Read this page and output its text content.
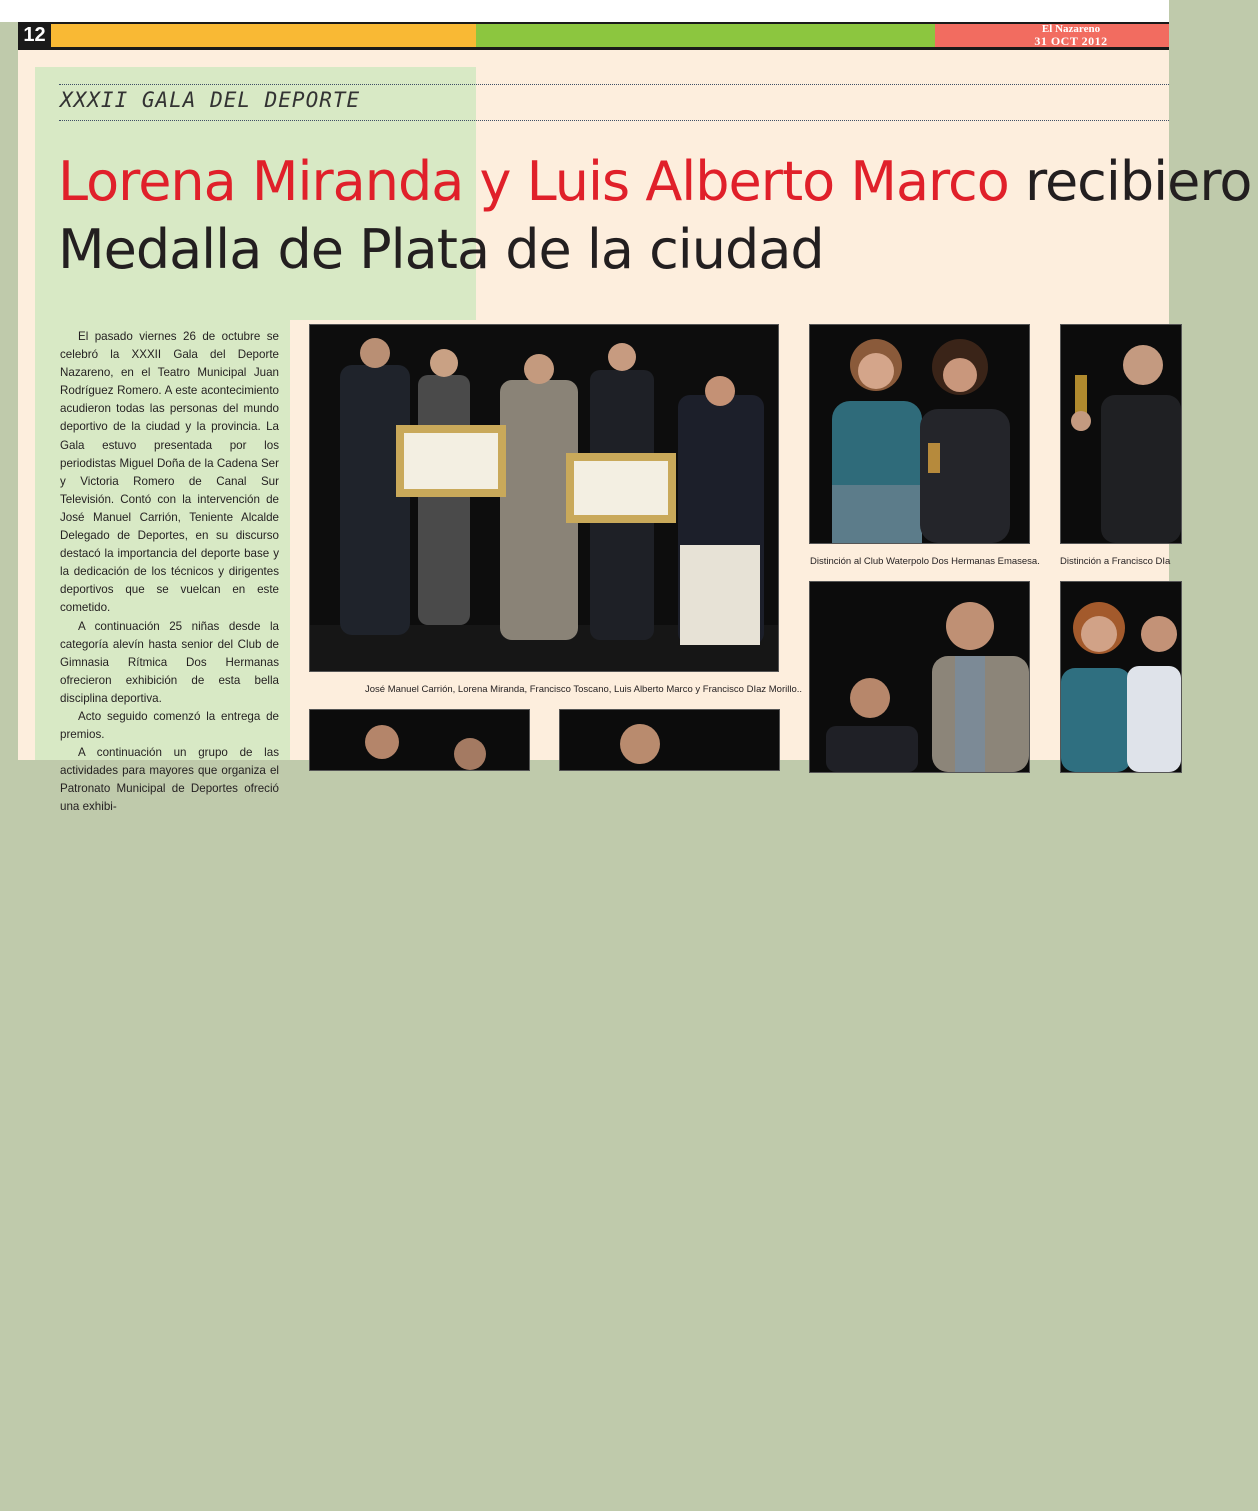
12	El Nazareno
31 OCT 2012
XXXII GALA DEL DEPORTE
Lorena Miranda y Luis Alberto Marco recibiero
Medalla de Plata de la ciudad

El pasado viernes 26 de octubre se celebró la XXXII Gala del Deporte Nazareno, en el Teatro Municipal Juan Rodríguez Romero. A este acontecimiento acudieron todas las personas del mundo deportivo de la ciudad y la provincia. La Gala estuvo presentada por los periodistas Miguel Doña de la Cadena Ser y Victoria Romero de Canal Sur Televisión. Contó con la intervención de José Manuel Carrión, Teniente Alcalde Delegado de Deportes, en su discurso destacó la importancia del deporte base y la dedicación de los técnicos y dirigentes deportivos que se vuelcan en este cometido.

A continuación 25 niñas desde la categoría alevín hasta senior del Club de Gimnasia Rítmica Dos Hermanas ofrecieron exhibición de esta bella disciplina deportiva.

Acto seguido comenzó la entrega de premios.

A continuación un grupo de las actividades para mayores que organiza el Patronato Municipal de Deportes ofreció una exhibi-

José Manuel Carrión, Lorena Miranda, Francisco Toscano, Luis Alberto Marco y Francisco DIaz Morillo..
Distinción al Club Waterpolo Dos Hermanas Emasesa. Distinción a Francisco DIa
